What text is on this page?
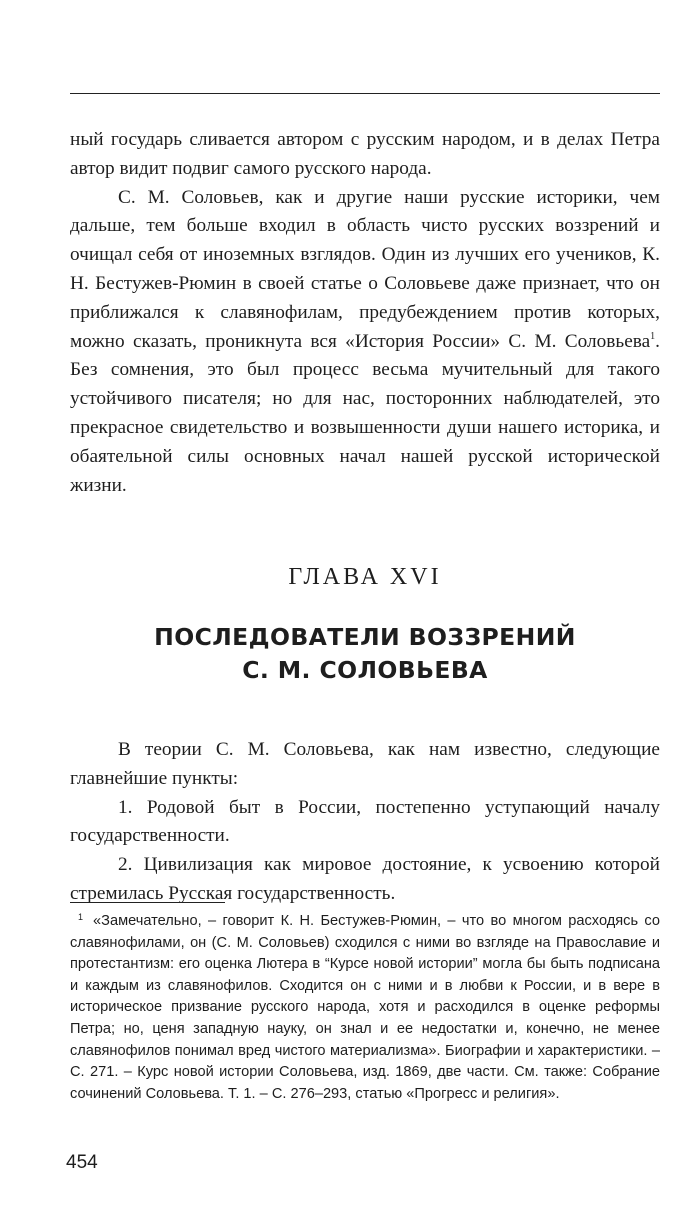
ный государь сливается автором с русским народом, и в делах Петра автор видит подвиг самого русского народа.

С. М. Соловьев, как и другие наши русские историки, чем дальше, тем больше входил в область чисто русских воззрений и очищал себя от иноземных взглядов. Один из лучших его учеников, К. Н. Бестужев-Рюмин в своей статье о Соловьеве даже признает, что он приближался к славянофилам, предубеждением против которых, можно сказать, проникнута вся «История России» С. М. Соловьева$^1$. Без сомнения, это был процесс весьма мучительный для такого устойчивого писателя; но для нас, посторонних наблюдателей, это прекрасное свидетельство и возвышенности души нашего историка, и обаятельной силы основных начал нашей русской исторической жизни.

ГЛАВА XVI
ПОСЛЕДОВАТЕЛИ ВОЗЗРЕНИЙ
С. М. СОЛОВЬЕВА

В теории С. М. Соловьева, как нам известно, следующие главнейшие пункты:

1. Родовой быт в России, постепенно уступающий началу государственности.

2. Цивилизация как мировое достояние, к усвоению которой стремилась Русская государственность.

$^1$ «Замечательно, – говорит К. Н. Бестужев-Рюмин, – что во многом расходясь со славянофилами, он (С. М. Соловьев) сходился с ними во взгляде на Православие и протестантизм: его оценка Лютера в “Курсе новой истории” могла бы быть подписана и каждым из славянофилов. Сходится он с ними и в любви к России, и в вере в историческое призвание русского народа, хотя и расходился в оценке реформы Петра; но, ценя западную науку, он знал и ее недостатки и, конечно, не менее славянофилов понимал вред чистого материализма». Биографии и характеристики. – С. 271. – Курс новой истории Соловьева, изд. 1869, две части. См. также: Собрание сочинений Соловьева. Т. 1. – С. 276–293, статью «Прогресс и религия».
454
